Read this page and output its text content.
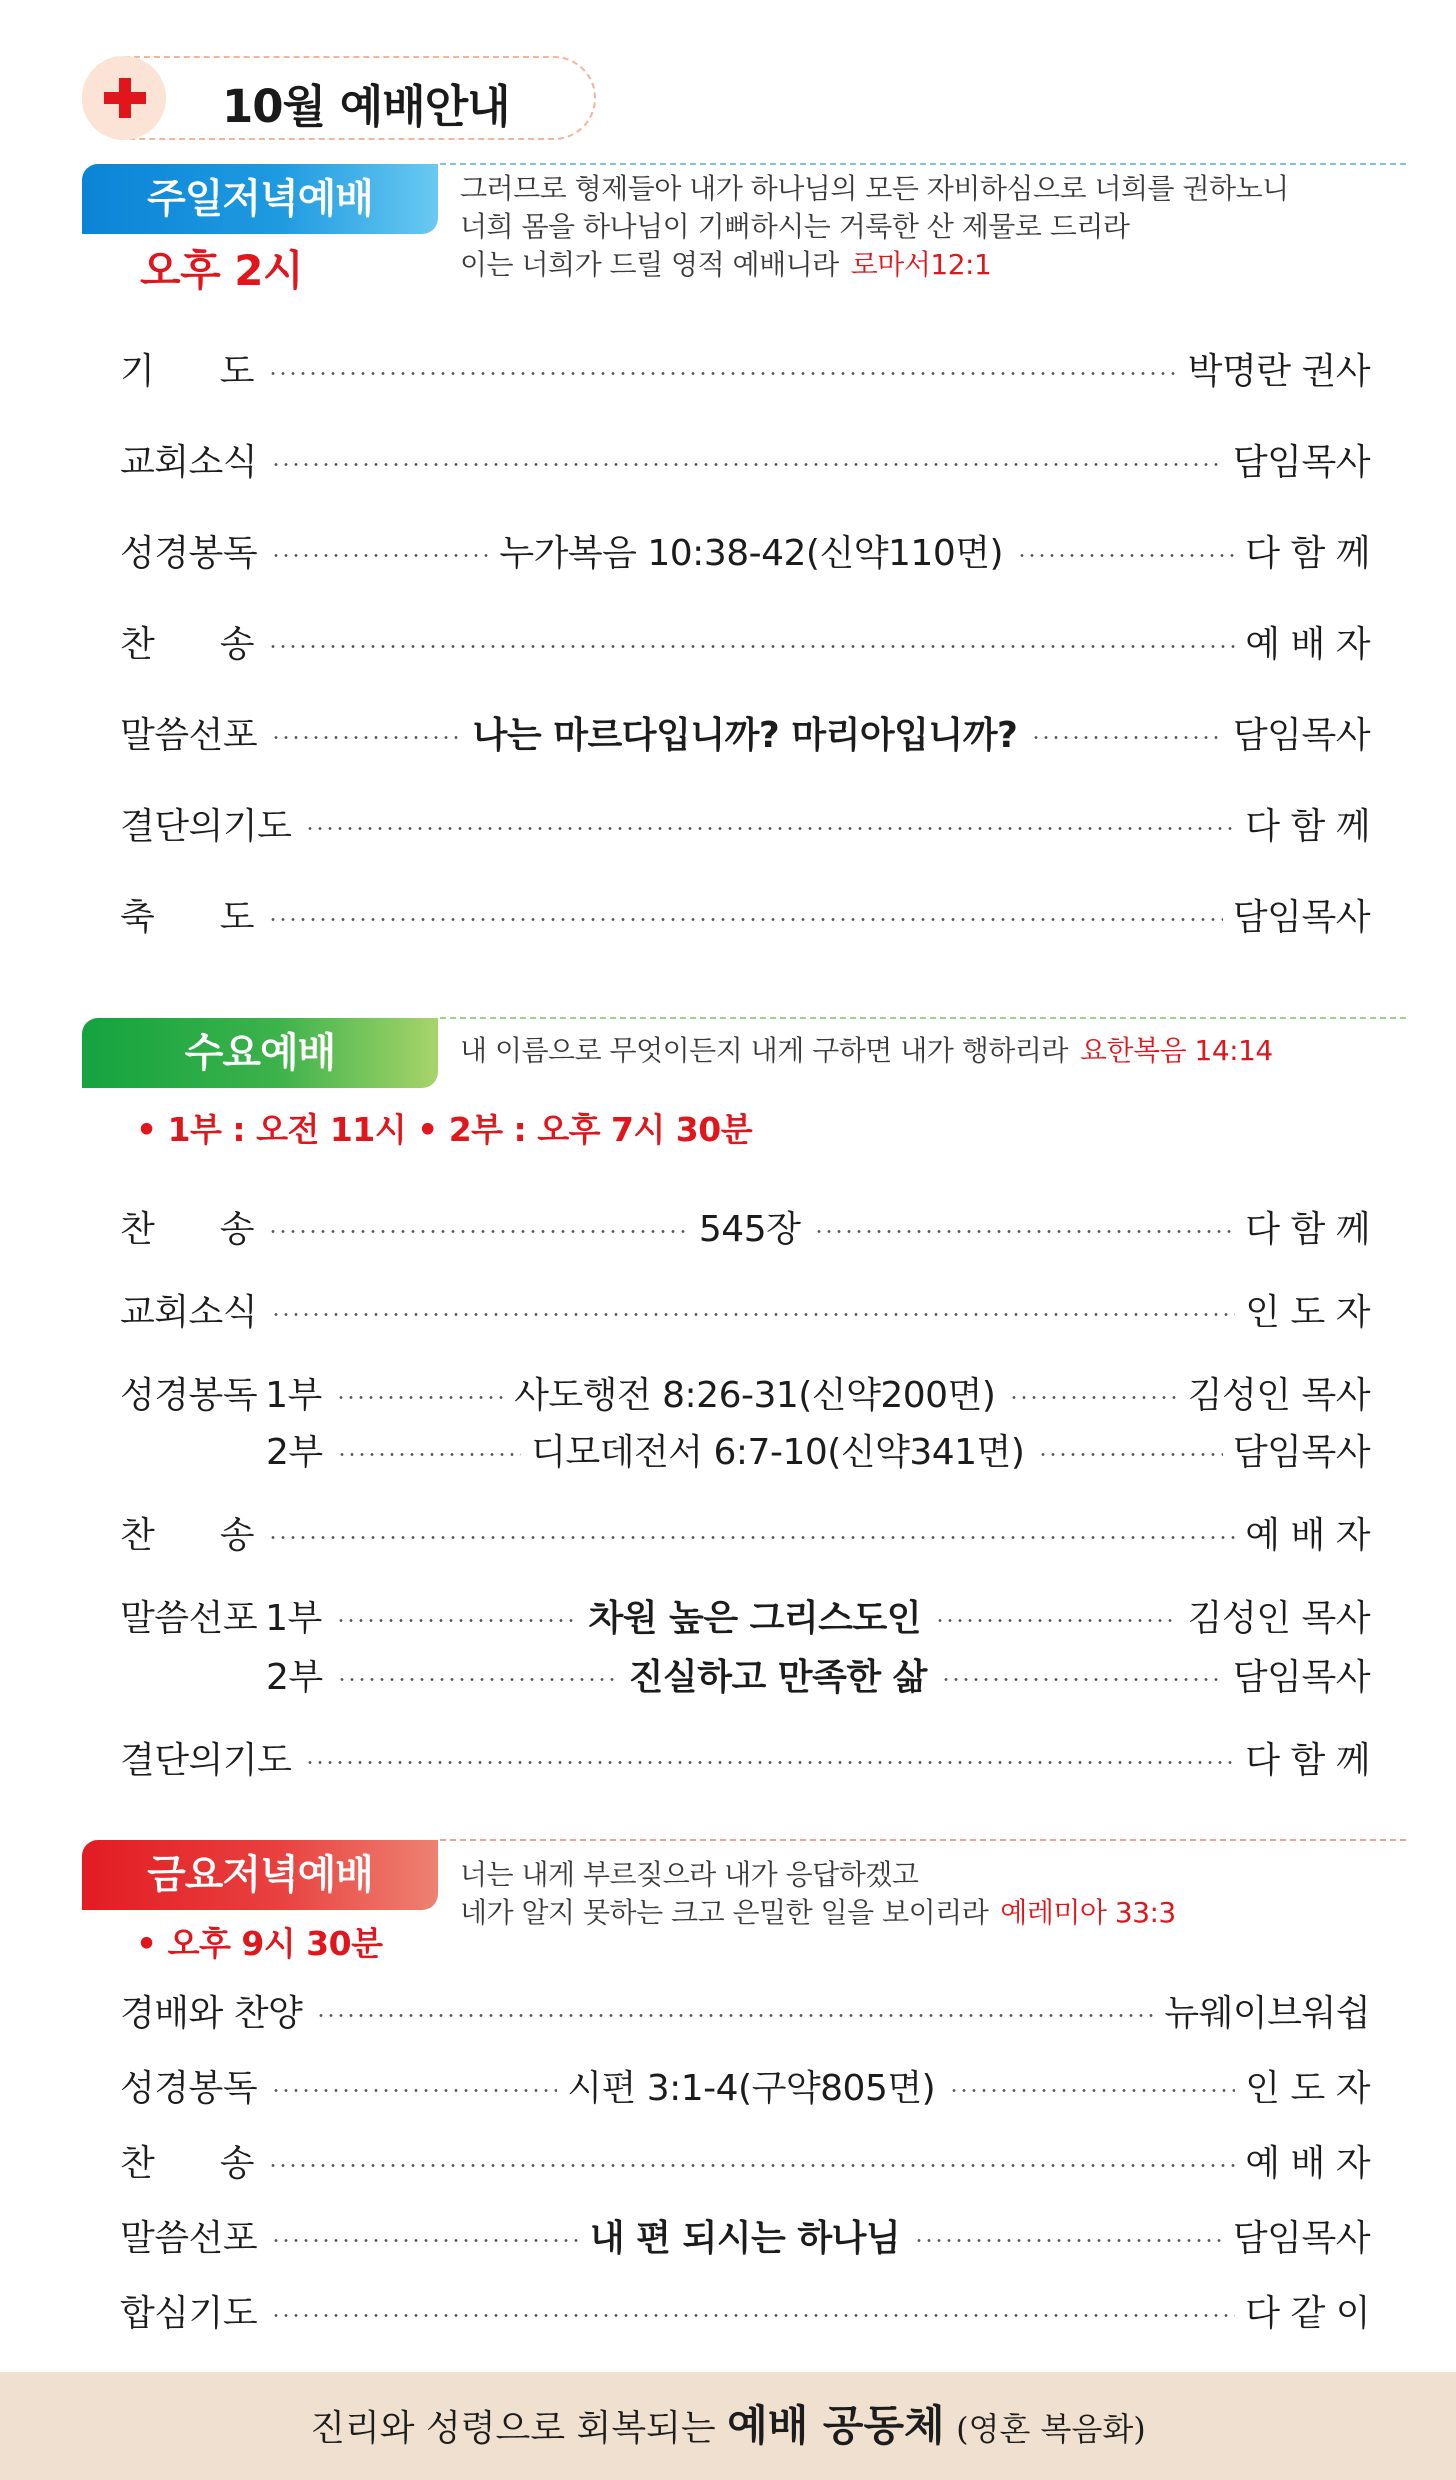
10월 예배안내
주일저녁예배
오후 2시
그러므로 형제들아 내가 하나님의 모든 자비하심으로 너희를 권하노니
너희 몸을 하나님이 기뻐하시는 거룩한 산 제물로 드리라
이는 너희가 드릴 영적 예배니라 로마서12:1
기 도	박명란 권사
교회소식	담임목사
성경봉독	누가복음 10:38-42(신약110면)	다 함 께
찬 송	예 배 자
말씀선포	나는 마르다입니까? 마리아입니까?	담임목사
결단의기도	다 함 께
축 도	담임목사
수요예배	내 이름으로 무엇이든지 내게 구하면 내가 행하리라 요한복음 14:14
• 1부 : 오전 11시 • 2부 : 오후 7시 30분
찬 송	545장	다 함 께
교회소식	인 도 자
성경봉독 1부	사도행전 8:26-31(신약200면)	김성인 목사
2부	디모데전서 6:7-10(신약341면)	담임목사
찬 송	예 배 자
말씀선포 1부	차원 높은 그리스도인	김성인 목사
2부	진실하고 만족한 삶	담임목사
결단의기도	다 함 께
금요저녁예배	너는 내게 부르짖으라 내가 응답하겠고
네가 알지 못하는 크고 은밀한 일을 보이리라 예레미아 33:3
• 오후 9시 30분
경배와 찬양	뉴웨이브워쉽
성경봉독	시편 3:1-4(구약805면)	인 도 자
찬 송	예 배 자
말씀선포	내 편 되시는 하나님	담임목사
합심기도	다 같 이
진리와 성령으로 회복되는 예배 공동체 (영혼 복음화)
